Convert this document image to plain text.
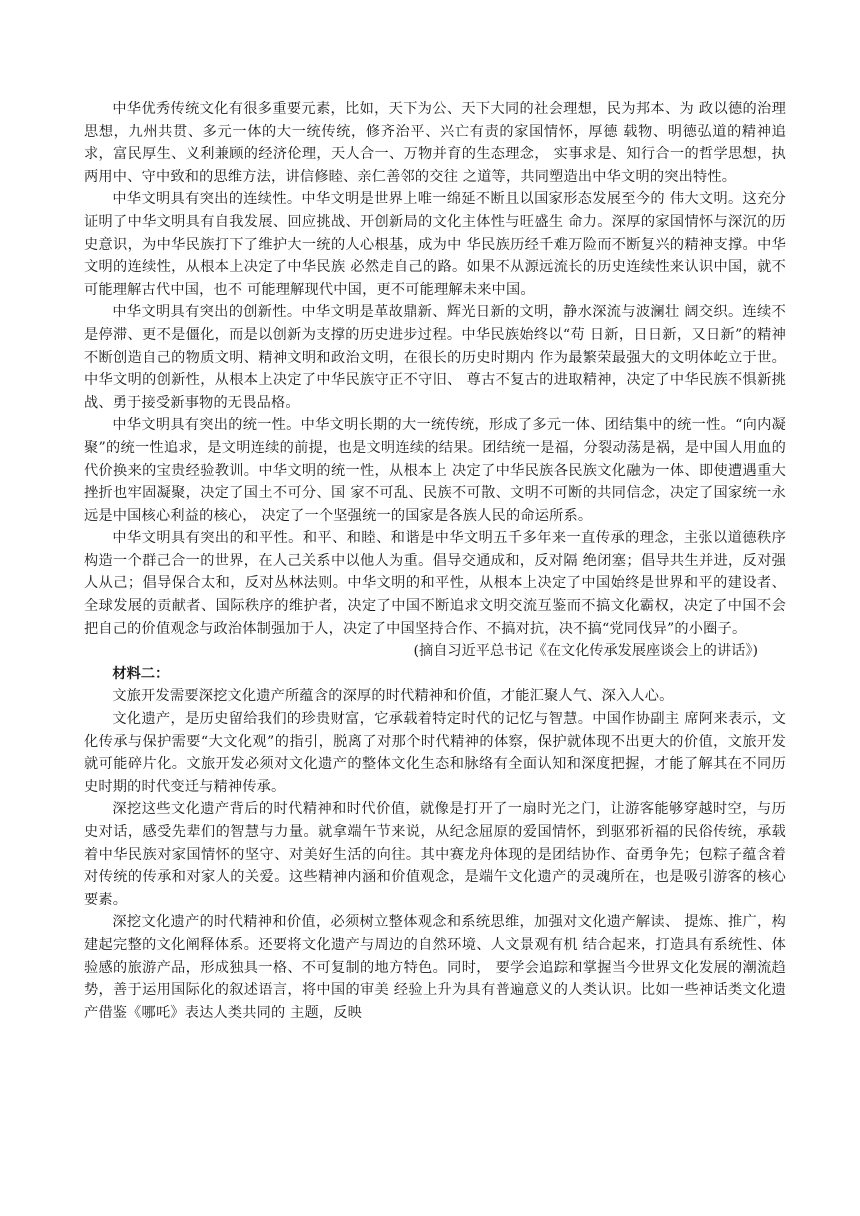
中华优秀传统文化有很多重要元素，比如，天下为公、天下大同的社会理想，民为邦本、为 政以德的治理思想，九州共贯、多元一体的大一统传统，修齐治平、兴亡有责的家国情怀，厚德 载物、明德弘道的精神追求，富民厚生、义利兼顾的经济伦理，天人合一、万物并育的生态理念， 实事求是、知行合一的哲学思想，执两用中、守中致和的思维方法，讲信修睦、亲仁善邻的交往 之道等，共同塑造出中华文明的突出特性。

中华文明具有突出的连续性。中华文明是世界上唯一绵延不断且以国家形态发展至今的 伟大文明。这充分证明了中华文明具有自我发展、回应挑战、开创新局的文化主体性与旺盛生 命力。深厚的家国情怀与深沉的历史意识，为中华民族打下了维护大一统的人心根基，成为中 华民族历经千难万险而不断复兴的精神支撑。中华文明的连续性，从根本上决定了中华民族 必然走自己的路。如果不从源远流长的历史连续性来认识中国，就不可能理解古代中国，也不 可能理解现代中国，更不可能理解未来中国。

中华文明具有突出的创新性。中华文明是革故鼎新、辉光日新的文明，静水深流与波澜壮 阔交织。连续不是停滞、更不是僵化，而是以创新为支撑的历史进步过程。中华民族始终以“苟 日新，日日新，又日新”的精神不断创造自己的物质文明、精神文明和政治文明，在很长的历史时期内 作为最繁荣最强大的文明体屹立于世。中华文明的创新性，从根本上决定了中华民族守正不守旧、 尊古不复古的进取精神，决定了中华民族不惧新挑战、勇于接受新事物的无畏品格。

中华文明具有突出的统一性。中华文明长期的大一统传统，形成了多元一体、团结集中的统一性。“向内凝聚”的统一性追求，是文明连续的前提，也是文明连续的结果。团结统一是福，分裂动荡是祸，是中国人用血的代价换来的宝贵经验教训。中华文明的统一性，从根本上 决定了中华民族各民族文化融为一体、即使遭遇重大挫折也牢固凝聚，决定了国土不可分、国 家不可乱、民族不可散、文明不可断的共同信念，决定了国家统一永远是中国核心利益的核心， 决定了一个坚强统一的国家是各族人民的命运所系。

中华文明具有突出的和平性。和平、和睦、和谐是中华文明五千多年来一直传承的理念，主张以道德秩序构造一个群己合一的世界，在人己关系中以他人为重。倡导交通成和，反对隔 绝闭塞；倡导共生并进，反对强人从己；倡导保合太和，反对丛林法则。中华文明的和平性，从根本上决定了中国始终是世界和平的建设者、全球发展的贡献者、国际秩序的维护者，决定了中国不断追求文明交流互鉴而不搞文化霸权，决定了中国不会把自己的价值观念与政治体制强加于人，决定了中国坚持合作、不搞对抗，决不搞“党同伐异”的小圈子。

(摘自习近平总书记《在文化传承发展座谈会上的讲话》)

材料二：

文旅开发需要深挖文化遗产所蕴含的深厚的时代精神和价值，才能汇聚人气、深入人心。

文化遗产，是历史留给我们的珍贵财富，它承载着特定时代的记忆与智慧。中国作协副主 席阿来表示，文化传承与保护需要“大文化观”的指引，脱离了对那个时代精神的体察，保护就体现不出更大的价值，文旅开发就可能碎片化。文旅开发必须对文化遗产的整体文化生态和脉络有全面认知和深度把握，才能了解其在不同历史时期的时代变迁与精神传承。

深挖这些文化遗产背后的时代精神和时代价值，就像是打开了一扇时光之门，让游客能够穿越时空，与历史对话，感受先辈们的智慧与力量。就拿端午节来说，从纪念屈原的爱国情怀，到驱邪祈福的民俗传统，承载着中华民族对家国情怀的坚守、对美好生活的向往。其中赛龙舟体现的是团结协作、奋勇争先；包粽子蕴含着对传统的传承和对家人的关爱。这些精神内涵和价值观念，是端午文化遗产的灵魂所在，也是吸引游客的核心要素。

深挖文化遗产的时代精神和价值，必须树立整体观念和系统思维，加强对文化遗产解读、 提炼、推广，构建起完整的文化阐释体系。还要将文化遗产与周边的自然环境、人文景观有机 结合起来，打造具有系统性、体验感的旅游产品，形成独具一格、不可复制的地方特色。同时， 要学会追踪和掌握当今世界文化发展的潮流趋势，善于运用国际化的叙述语言，将中国的审美 经验上升为具有普遍意义的人类认识。比如一些神话类文化遗产借鉴《哪吒》表达人类共同的 主题，反映
